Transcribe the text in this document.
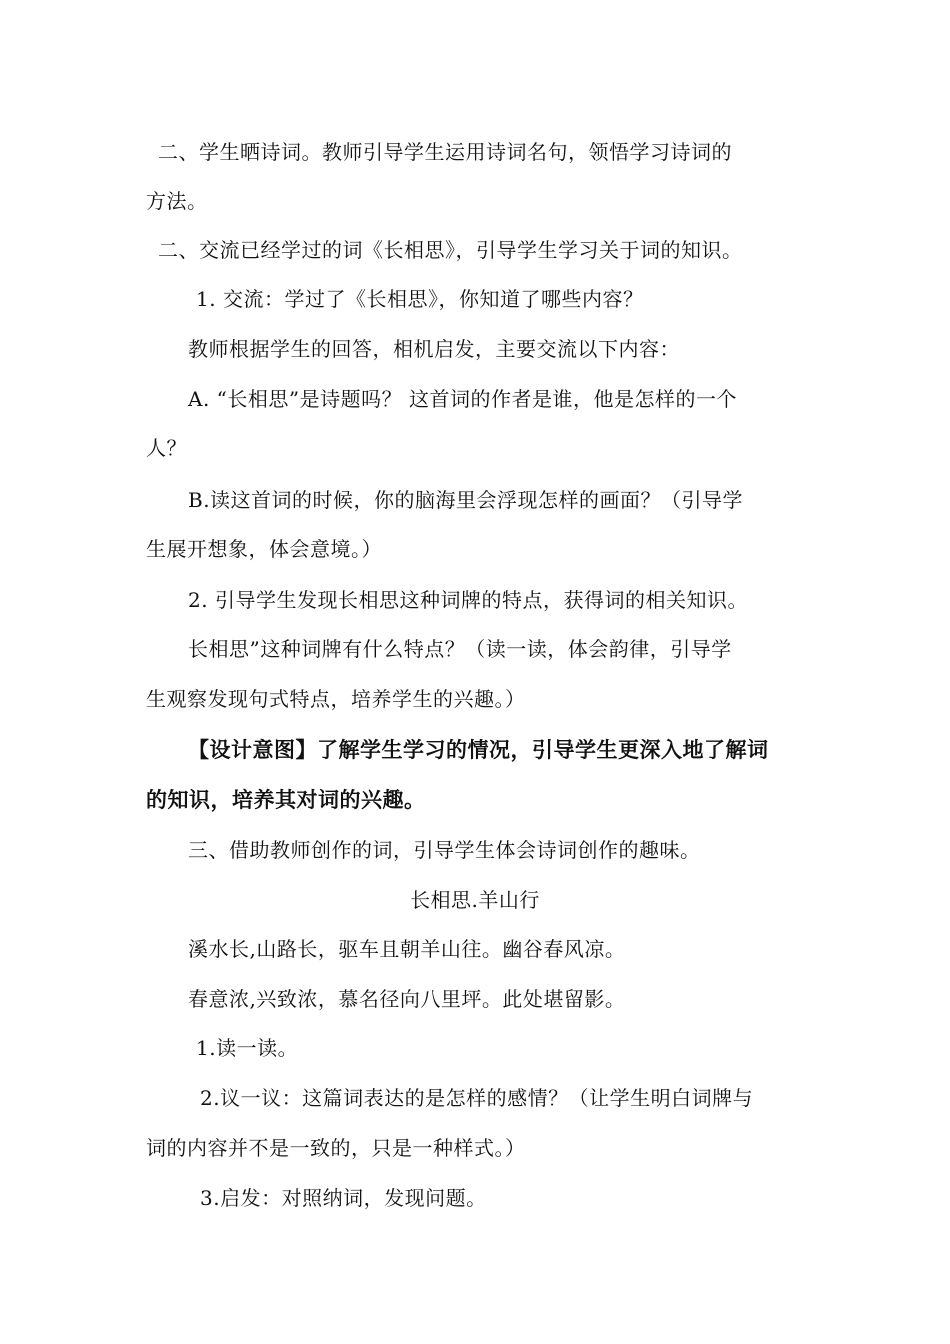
二、学生晒诗词。教师引导学生运用诗词名句，领悟学习诗词的
方法。
二、交流已经学过的词《长相思》，引导学生学习关于词的知识。
1. 交流：学过了《长相思》，你知道了哪些内容？
教师根据学生的回答，相机启发，主要交流以下内容：
A. “长相思”是诗题吗？ 这首词的作者是谁，他是怎样的一个
人？
B.读这首词的时候，你的脑海里会浮现怎样的画面？（引导学
生展开想象，体会意境。）
2. 引导学生发现长相思这种词牌的特点，获得词的相关知识。
长相思”这种词牌有什么特点？（读一读，体会韵律，引导学
生观察发现句式特点，培养学生的兴趣。）
【设计意图】了解学生学习的情况，引导学生更深入地了解词
的知识，培养其对词的兴趣。
三、借助教师创作的词，引导学生体会诗词创作的趣味。
长相思.羊山行
溪水长,山路长，驱车且朝羊山往。幽谷春风凉。
春意浓,兴致浓，慕名径向八里坪。此处堪留影。
1.读一读。
2.议一议：这篇词表达的是怎样的感情？（让学生明白词牌与
词的内容并不是一致的，只是一种样式。）
3.启发：对照纳词，发现问题。
